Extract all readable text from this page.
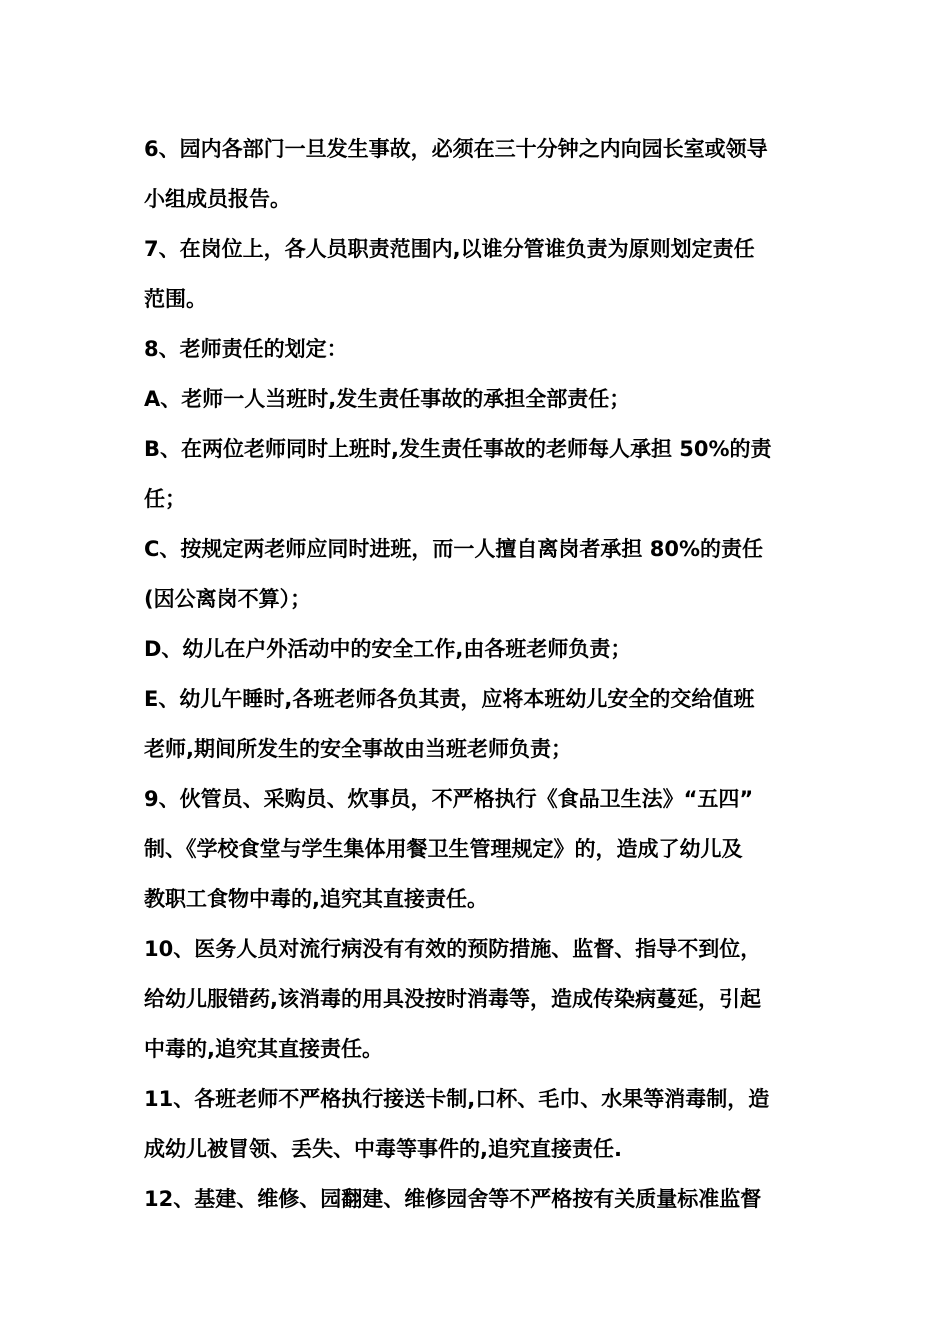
6、园内各部门一旦发生事故，必须在三十分钟之内向园长室或领导
小组成员报告。
7、在岗位上，各人员职责范围内,以谁分管谁负责为原则划定责任
范围。
8、老师责任的划定：
A、老师一人当班时,发生责任事故的承担全部责任；
B、在两位老师同时上班时,发生责任事故的老师每人承担 50%的责
任；
C、按规定两老师应同时进班，而一人擅自离岗者承担 80%的责任
(因公离岗不算）；
D、幼儿在户外活动中的安全工作,由各班老师负责；
E、幼儿午睡时,各班老师各负其责，应将本班幼儿安全的交给值班
老师,期间所发生的安全事故由当班老师负责；
9、伙管员、采购员、炊事员，不严格执行《食品卫生法》“五四”
制、《学校食堂与学生集体用餐卫生管理规定》的，造成了幼儿及
教职工食物中毒的,追究其直接责任。
10、医务人员对流行病没有有效的预防措施、监督、指导不到位，
给幼儿服错药,该消毒的用具没按时消毒等，造成传染病蔓延，引起
中毒的,追究其直接责任。
11、各班老师不严格执行接送卡制,口杯、毛巾、水果等消毒制，造
成幼儿被冒领、丢失、中毒等事件的,追究直接责任.
12、基建、维修、园翻建、维修园舍等不严格按有关质量标准监督
